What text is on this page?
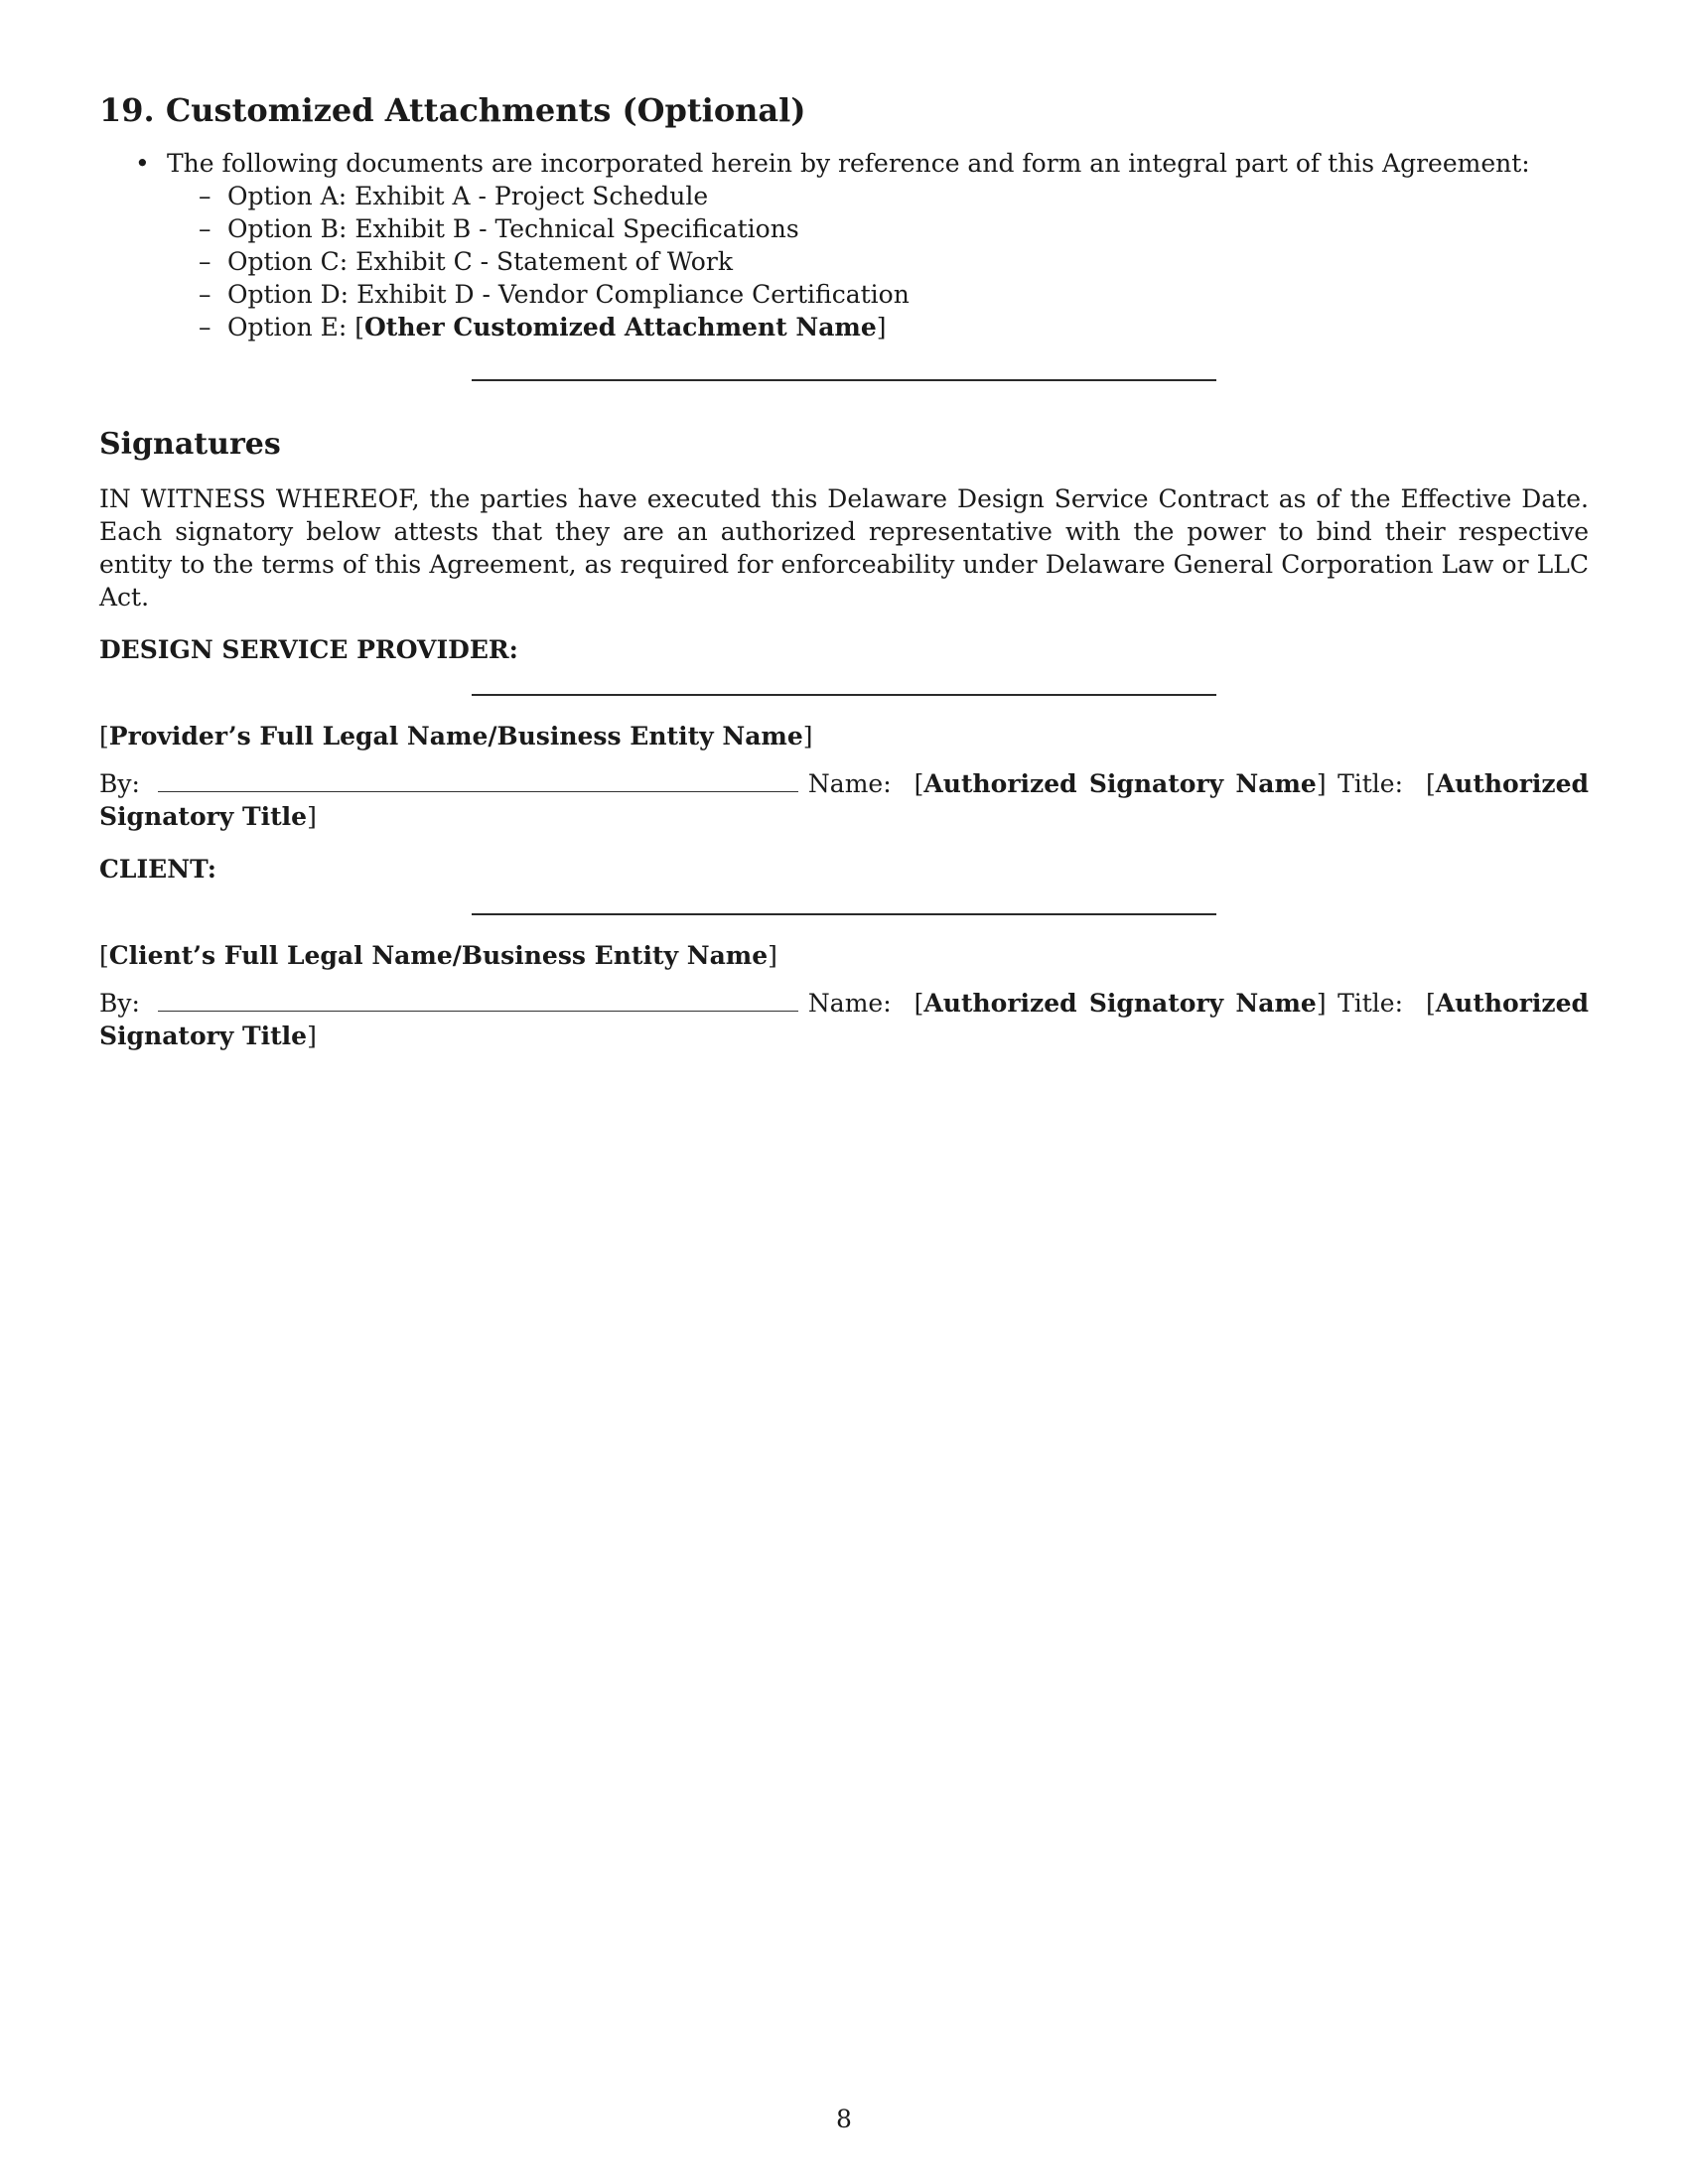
19. Customized Attachments (Optional)
• The following documents are incorporated herein by reference and form an integral part of this Agreement:
– Option A: Exhibit A - Project Schedule
– Option B: Exhibit B - Technical Specifications
– Option C: Exhibit C - Statement of Work
– Option D: Exhibit D - Vendor Compliance Certification
– Option E: [Other Customized Attachment Name]
Signatures

IN WITNESS WHEREOF, the parties have executed this Delaware Design Service Contract as of the Effective Date. Each signatory below attests that they are an authorized representative with the power to bind their respective entity to the terms of this Agreement, as required for enforceability under Delaware General Corporation Law or LLC Act.

DESIGN SERVICE PROVIDER:
[Provider’s Full Legal Name/Business Entity Name]
By:	Name: [Authorized Signatory Name] Title: [Authorized Signatory Title]
CLIENT:
[Client’s Full Legal Name/Business Entity Name]
By:	Name: [Authorized Signatory Name] Title: [Authorized Signatory Title]
8
